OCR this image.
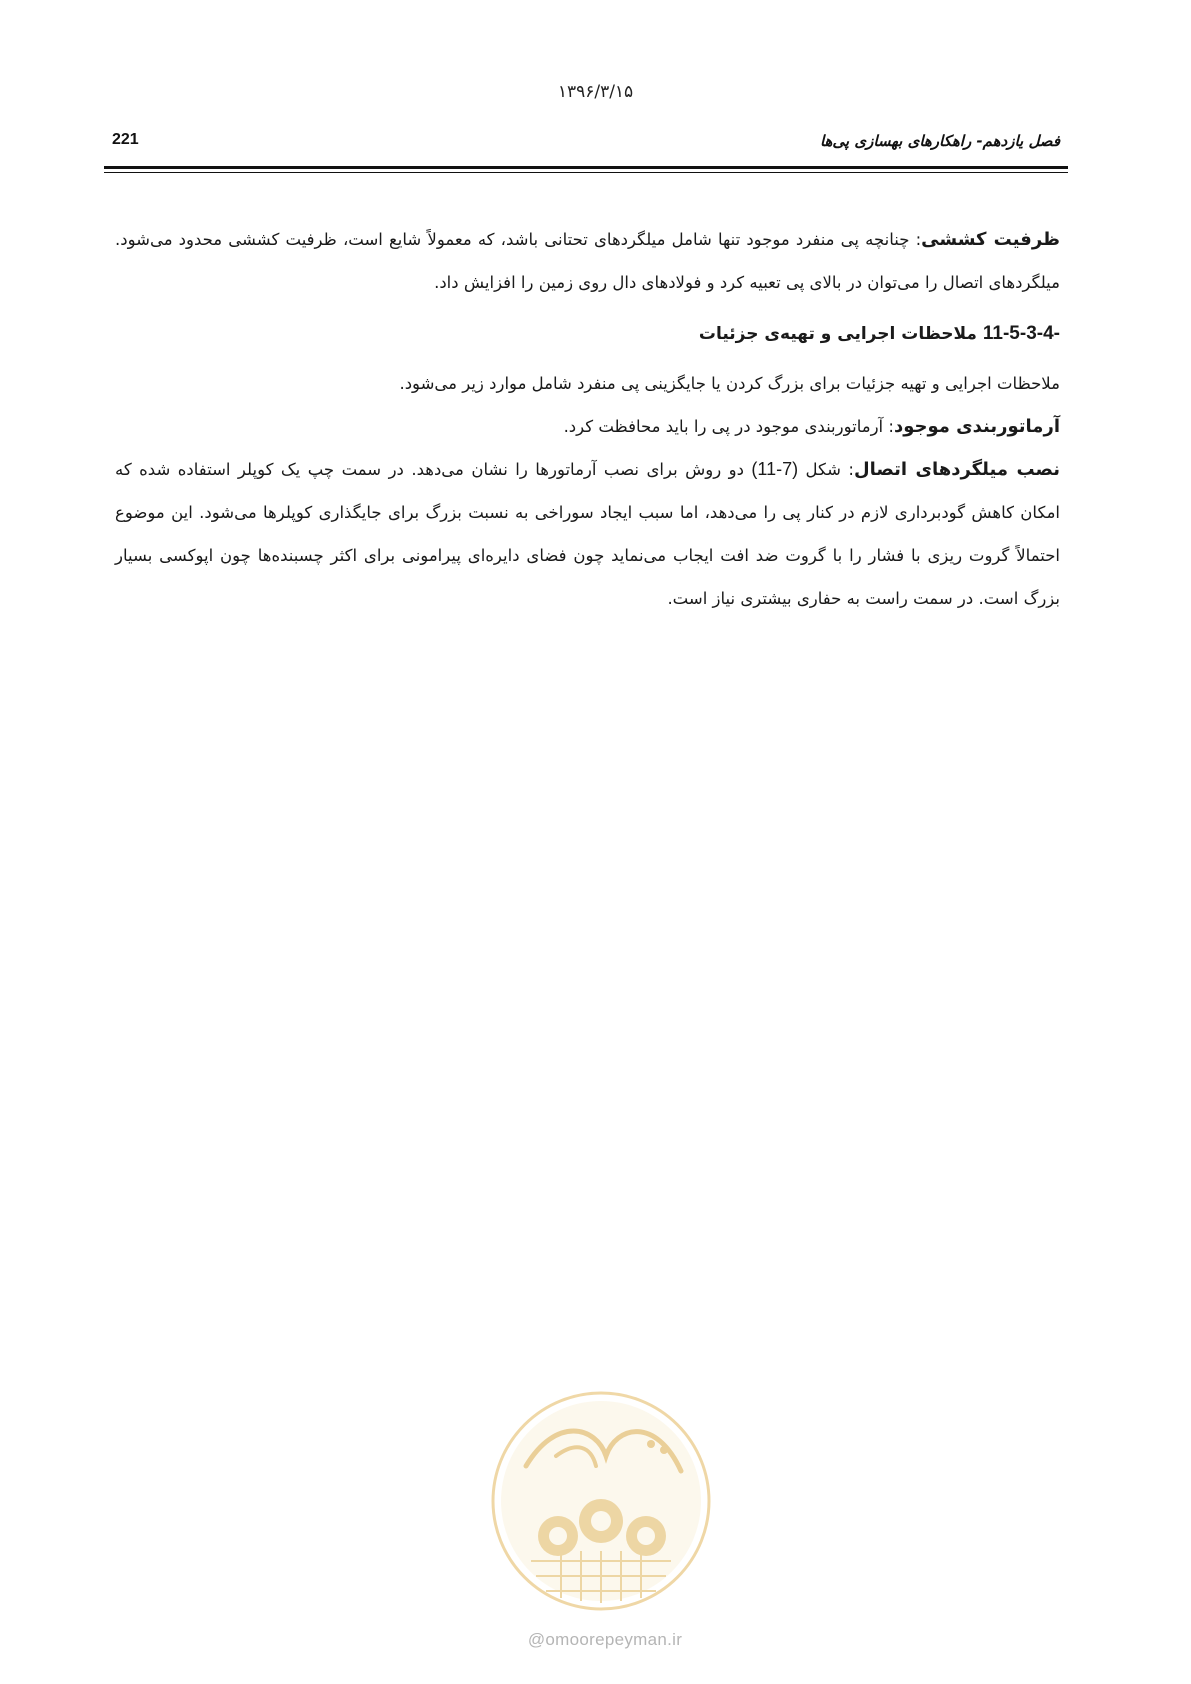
۱۳۹۶/۳/۱۵
فصل یازدهم- راهکارهای بهسازی پی‌ها
221

ظرفیت کششی: چنانچه پی منفرد موجود تنها شامل میلگردهای تحتانی باشد، که معمولاً شایع است، ظرفیت کششی محدود می‌شود. میلگردهای اتصال را می‌توان در بالای پی تعبیه کرد و فولادهای دال روی زمین را افزایش داد.

11-5-3-4- ملاحظات اجرایی و تهیه‌ی جزئیات

ملاحظات اجرایی و تهیه جزئیات برای بزرگ کردن یا جایگزینی پی منفرد شامل موارد زیر می‌شود.

آرماتوربندی موجود: آرماتوربندی موجود در پی را باید محافظت کرد.

نصب میلگردهای اتصال: شکل (11-7) دو روش برای نصب آرماتورها را نشان می‌دهد. در سمت چپ یک کوپلر استفاده شده که امکان کاهش گودبرداری لازم در کنار پی را می‌دهد، اما سبب ایجاد سوراخی به نسبت بزرگ برای جایگذاری کوپلرها می‌شود. این موضوع احتمالاً گروت ریزی با فشار را با گروت ضد افت ایجاب می‌نماید چون فضای دایره‌ای پیرامونی برای اکثر چسبنده‌ها چون اپوکسی بسیار بزرگ است. در سمت راست به حفاری بیشتری نیاز است.

@omoorepeyman.ir
